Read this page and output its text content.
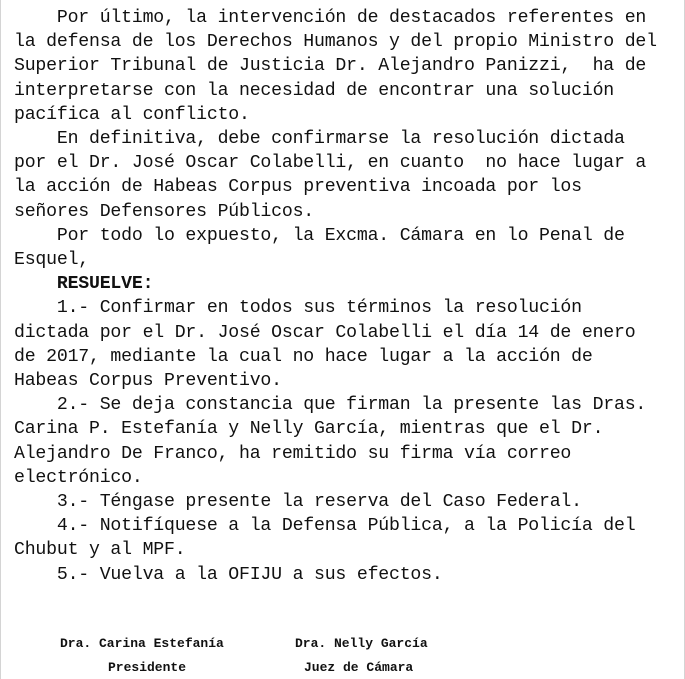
Por último, la intervención de destacados referentes en
la defensa de los Derechos Humanos y del propio Ministro del
Superior Tribunal de Justicia Dr. Alejandro Panizzi,  ha de
interpretarse con la necesidad de encontrar una solución
pacífica al conflicto.
En definitiva, debe confirmarse la resolución dictada
por el Dr. José Oscar Colabelli, en cuanto  no hace lugar a
la acción de Habeas Corpus preventiva incoada por los
señores Defensores Públicos.
Por todo lo expuesto, la Excma. Cámara en lo Penal de
Esquel,
RESUELVE:
1.- Confirmar en todos sus términos la resolución
dictada por el Dr. José Oscar Colabelli el día 14 de enero
de 2017, mediante la cual no hace lugar a la acción de
Habeas Corpus Preventivo.
2.- Se deja constancia que firman la presente las Dras.
Carina P. Estefanía y Nelly García, mientras que el Dr.
Alejandro De Franco, ha remitido su firma vía correo
electrónico.
3.- Téngase presente la reserva del Caso Federal.
4.- Notifíquese a la Defensa Pública, a la Policía del
Chubut y al MPF.
5.- Vuelva a la OFIJU a sus efectos.
Dra. Carina Estefanía
Presidente
Dra. Nelly García
Juez de Cámara
